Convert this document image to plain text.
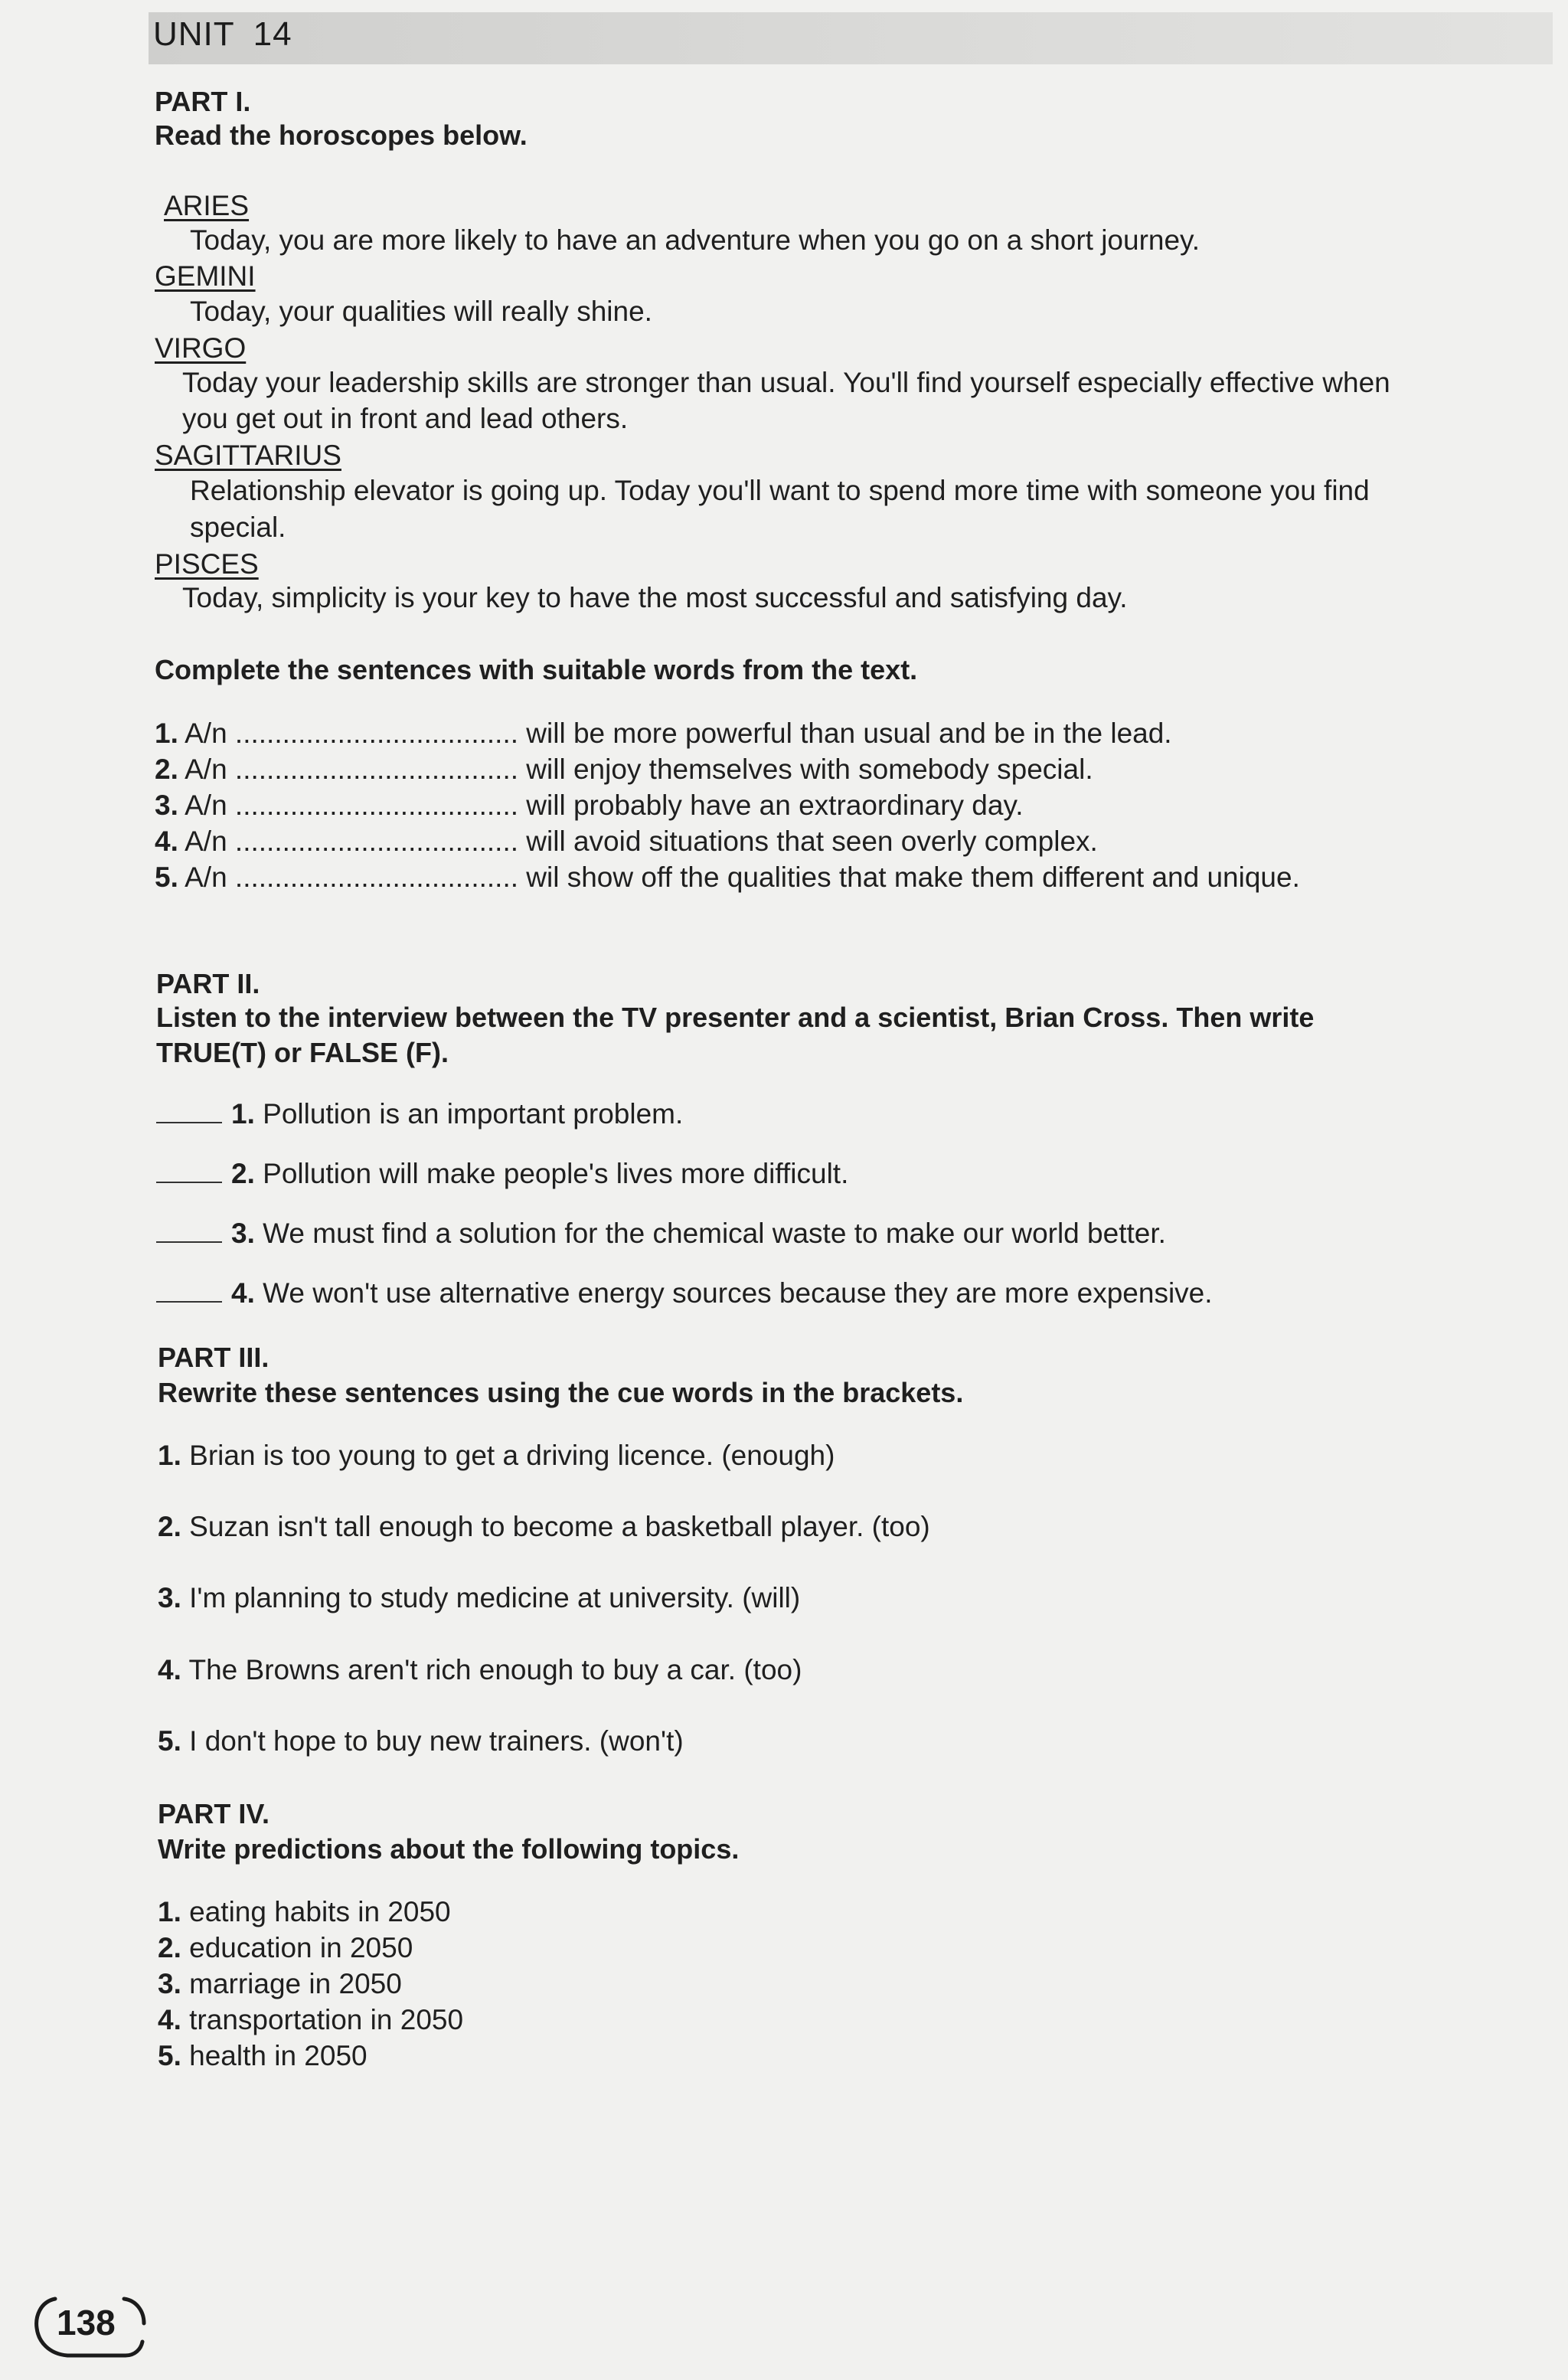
UNIT 14
PART I.
Read the horoscopes below.
ARIES
Today, you are more likely to have an adventure when you go on a short journey.
GEMINI
Today, your qualities will really shine.
VIRGO
Today your leadership skills are stronger than usual. You'll find yourself especially effective when
you get out in front and lead others.
SAGITTARIUS
Relationship elevator is going up. Today you'll want to spend more time with someone you find
special.
PISCES
Today, simplicity is your key to have the most successful and satisfying day.
Complete the sentences with suitable words from the text.
1. A/n .................................... will be more powerful than usual and be in the lead.
2. A/n .................................... will enjoy themselves with somebody special.
3. A/n .................................... will probably have an extraordinary day.
4. A/n .................................... will avoid situations that seen overly complex.
5. A/n .................................... wil show off the qualities that make them different and unique.
PART II.
Listen to the interview between the TV presenter and a scientist, Brian Cross. Then write
TRUE(T) or FALSE (F).
1. Pollution is an important problem.
2. Pollution will make people's lives more difficult.
3. We must find a solution for the chemical waste to make our world better.
4. We won't use alternative energy sources because they are more expensive.
PART III.
Rewrite these sentences using the cue words in the brackets.
1. Brian is too young to get a driving licence. (enough)
2. Suzan isn't tall enough to become a basketball player. (too)
3. I'm planning to study medicine at university. (will)
4. The Browns aren't rich enough to buy a car. (too)
5. I don't hope to buy new trainers. (won't)
PART IV.
Write predictions about the following topics.
1. eating habits in 2050
2. education in 2050
3. marriage in 2050
4. transportation in 2050
5. health in 2050
138
